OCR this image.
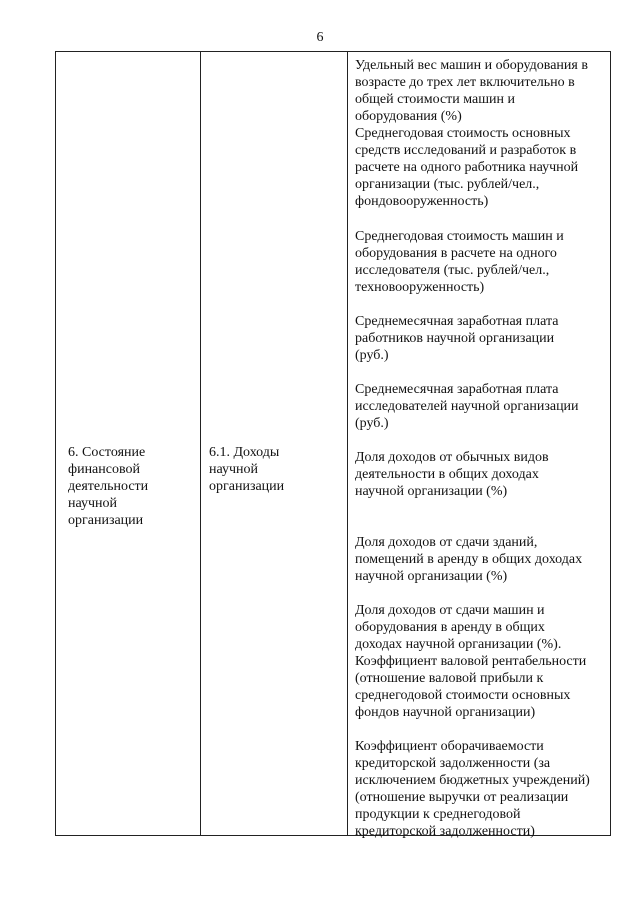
6
6. Состояние
финансовой
деятельности
научной
организации
6.1. Доходы
научной
организации

Удельный вес машин и оборудования в
возрасте до трех лет включительно в
общей стоимости машин и
оборудования (%)

Среднегодовая стоимость основных
средств исследований и разработок в
расчете на одного работника научной
организации (тыс. рублей/чел.,
фондовооруженность)

Среднегодовая стоимость машин и
оборудования в расчете на одного
исследователя (тыс. рублей/чел.,
техновооруженность)

Среднемесячная заработная плата
работников научной организации
(руб.)

Среднемесячная заработная плата
исследователей научной организации
(руб.)

Доля доходов от обычных видов
деятельности в общих доходах
научной организации (%)

Доля доходов от сдачи зданий,
помещений в аренду в общих доходах
научной организации (%)

Доля доходов от сдачи машин и
оборудования в аренду в общих
доходах научной организации (%).

Коэффициент валовой рентабельности
(отношение валовой прибыли к
среднегодовой стоимости основных
фондов научной организации)

Коэффициент оборачиваемости
кредиторской задолженности (за
исключением бюджетных учреждений)
(отношение выручки от реализации
продукции к среднегодовой
кредиторской задолженности)
